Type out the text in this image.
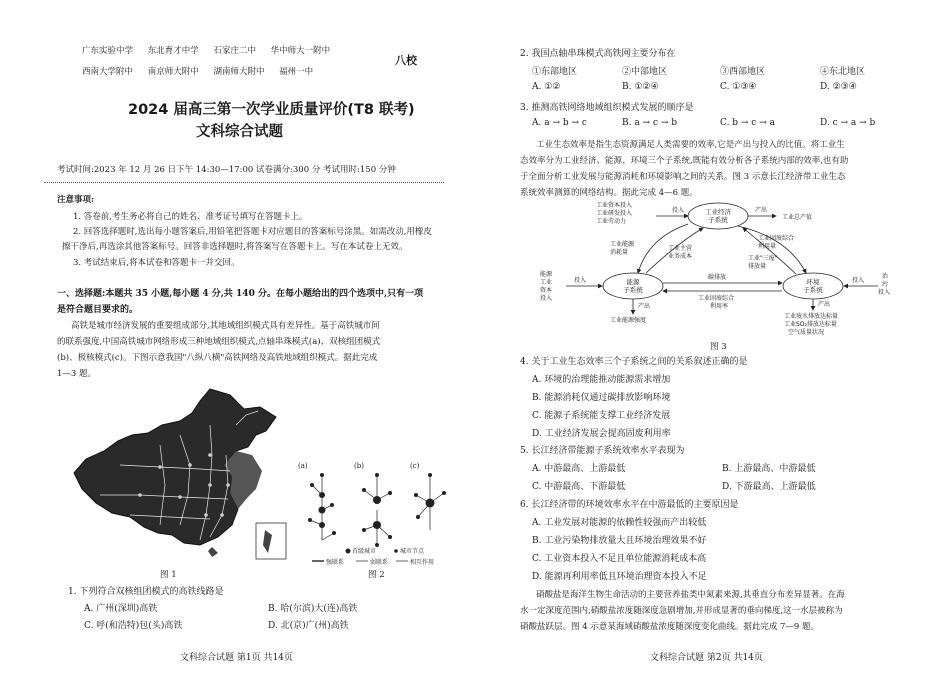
广东实验中学 东北育才中学 石家庄二中 华中师大一附中
西南大学附中 南京师大附中 湖南师大附中 福州一中
八校
2024 届高三第一次学业质量评价(T8 联考)
文科综合试题
考试时间:2023 年 12 月 26 日下午 14:30—17:00 试卷满分:300 分 考试用时:150 分钟
注意事项:
1. 答卷前,考生务必将自己的姓名、准考证号填写在答题卡上。
2. 回答选择题时,选出每小题答案后,用铅笔把答题卡对应题目的答案标号涂黑。如需改动,用橡皮
擦干净后,再选涂其他答案标号。回答非选择题时,将答案写在答题卡上。写在本试卷上无效。
3. 考试结束后,将本试卷和答题卡一并交回。
一、选择题:本题共 35 小题,每小题 4 分,共 140 分。在每小题给出的四个选项中,只有一项
是符合题目要求的。
高铁是城市经济发展的重要组成部分,其地域组织模式具有差异性。基于高铁城市间
的联系强度,中国高铁城市网络形成三种地域组织模式,点轴串珠模式(a)、双核组团模式
(b)、极核模式(c)。下图示意我国"八纵八横"高铁网络及高铁地域组织模式。据此完成
1—3 题。
图 1
(a)	(b)	(c)
首级城市	城市节点
强联系	弱联系	相互作用
图 2
1. 下列符合双核组团模式的高铁线路是
A. 广州(深圳)高铁	B. 哈(尔滨)大(连)高铁
C. 呼(和浩特)包(头)高铁	D. 北(京)广(州)高铁
文科综合试题 第1页 共14页
2. 我国点轴串珠模式高铁网主要分布在
①东部地区	②中部地区	③西部地区	④东北地区
A. ①②	B. ①②④	C. ①③④	D. ②③④
3. 推测高铁网络地域组织模式发展的顺序是
A. a → b → c	B. a → c → b	C. b → c → a	D. c → a → b
工业生态效率是指生态资源满足人类需要的效率,它是产出与投入的比值。将工业生
态效率分为工业经济、能源、环境三个子系统,既能有效分析各子系统内部的效率,也有助
于全面分析工业发展与能源消耗和环境影响之间的关系。图 3 示意长江经济带工业生态
系统效率测算的网络结构。据此完成 4—6 题。
工业经济
子系统
能源
子系统
环境
子系统
工业资本投入
工业研发投入
工业劳动力
投入	产出
工业总产值
工业能源
消耗量
工业主营
业务成本
工业固废综合
利用量
工业"三废"
排放量
碳排放
工业固废综合
利用率
能源
工业
资本
投入
投入
治
污
投入
投入
产出
工业能源强度
产出
工业废水排放达标量
工业SO₂排放达标量
空气质量状况
图 3
4. 关于工业生态效率三个子系统之间的关系叙述正确的是
A. 环境的治理能推动能源需求增加
B. 能源消耗仅通过碳排放影响环境
C. 能源子系统能支撑工业经济发展
D. 工业经济发展会提高固废利用率
5. 长江经济带能源子系统效率水平表现为
A. 中游最高、上游最低	B. 上游最高、中游最低
C. 中游最高、下游最低	D. 下游最高、上游最低
6. 长江经济带的环境效率水平在中游最低的主要原因是
A. 工业发展对能源的依赖性较强而产出较低
B. 工业污染物排放量大且环境治理效果不好
C. 工业资本投入不足且单位能源消耗成本高
D. 能源再利用率低且环境治理资本投入不足
硝酸盐是海洋生物生命活动的主要营养盐类中氮素来源,其垂直分布差异显著。在海
水一定深度范围内,硝酸盐浓度随深度急剧增加,并形成显著的垂向梯度,这一水层被称为
硝酸盐跃层。图 4 示意某海域硝酸盐浓度随深度变化曲线。据此完成 7—9 题。
文科综合试题 第2页 共14页
